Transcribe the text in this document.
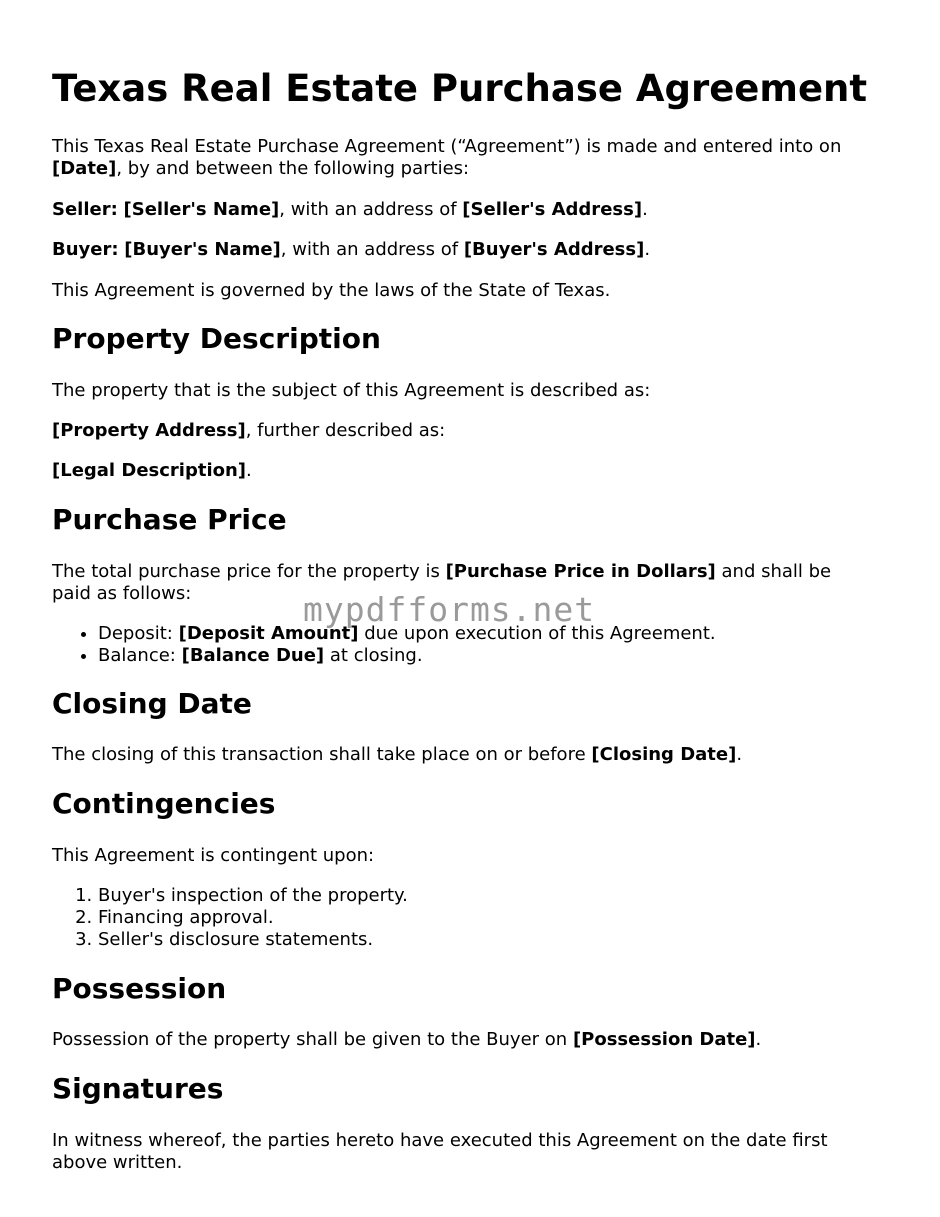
Texas Real Estate Purchase Agreement

This Texas Real Estate Purchase Agreement (“Agreement”) is made and entered into on [Date], by and between the following parties:

Seller: [Seller's Name], with an address of [Seller's Address].

Buyer: [Buyer's Name], with an address of [Buyer's Address].

This Agreement is governed by the laws of the State of Texas.

Property Description

The property that is the subject of this Agreement is described as:

[Property Address], further described as:

[Legal Description].

Purchase Price

The total purchase price for the property is [Purchase Price in Dollars] and shall be paid as follows:

• Deposit: [Deposit Amount] due upon execution of this Agreement.
• Balance: [Balance Due] at closing.
Closing Date

The closing of this transaction shall take place on or before [Closing Date].

Contingencies

This Agreement is contingent upon:

1. Buyer's inspection of the property.
2. Financing approval.
3. Seller's disclosure statements.
Possession

Possession of the property shall be given to the Buyer on [Possession Date].

Signatures

In witness whereof, the parties hereto have executed this Agreement on the date first above written.

mypdfforms.net
